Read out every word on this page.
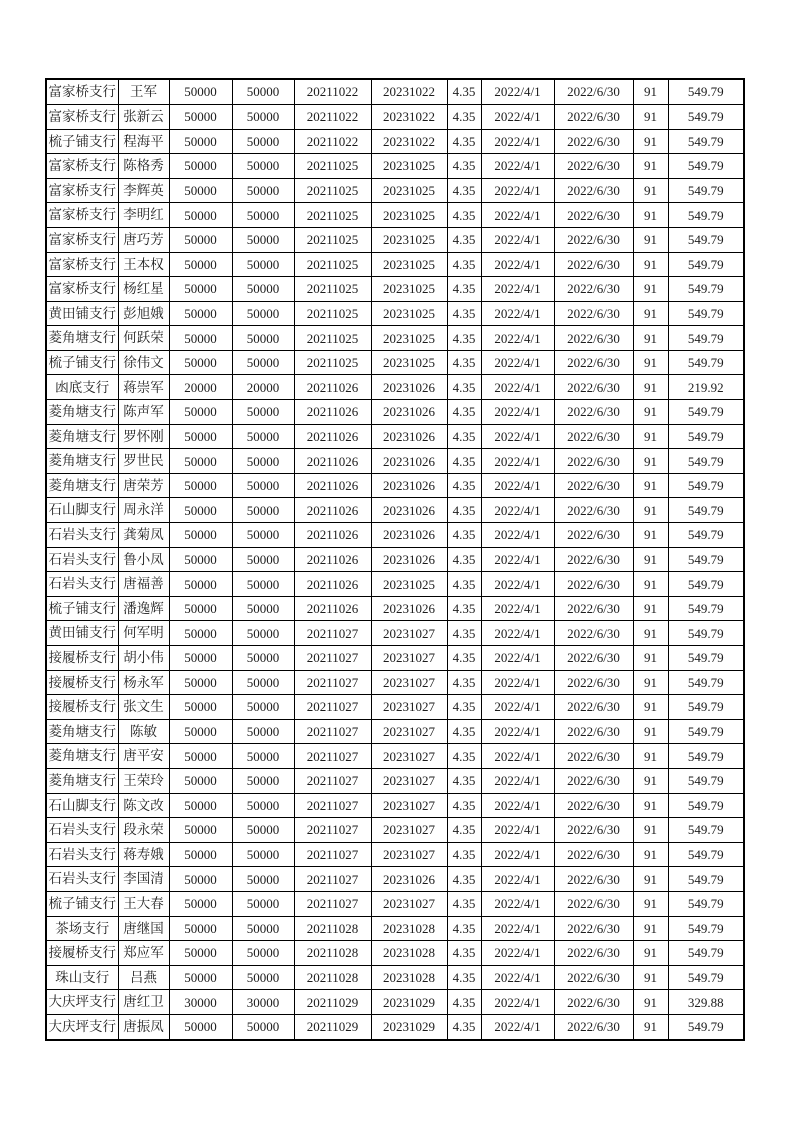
富家桥支行	王军	50000	50000	20211022	20231022	4.35	2022/4/1	2022/6/30	91	549.79
富家桥支行	张新云	50000	50000	20211022	20231022	4.35	2022/4/1	2022/6/30	91	549.79
梳子铺支行	程海平	50000	50000	20211022	20231022	4.35	2022/4/1	2022/6/30	91	549.79
富家桥支行	陈格秀	50000	50000	20211025	20231025	4.35	2022/4/1	2022/6/30	91	549.79
富家桥支行	李辉英	50000	50000	20211025	20231025	4.35	2022/4/1	2022/6/30	91	549.79
富家桥支行	李明红	50000	50000	20211025	20231025	4.35	2022/4/1	2022/6/30	91	549.79
富家桥支行	唐巧芳	50000	50000	20211025	20231025	4.35	2022/4/1	2022/6/30	91	549.79
富家桥支行	王本权	50000	50000	20211025	20231025	4.35	2022/4/1	2022/6/30	91	549.79
富家桥支行	杨红星	50000	50000	20211025	20231025	4.35	2022/4/1	2022/6/30	91	549.79
黄田铺支行	彭旭娥	50000	50000	20211025	20231025	4.35	2022/4/1	2022/6/30	91	549.79
菱角塘支行	何跃荣	50000	50000	20211025	20231025	4.35	2022/4/1	2022/6/30	91	549.79
梳子铺支行	徐伟文	50000	50000	20211025	20231025	4.35	2022/4/1	2022/6/30	91	549.79
凼底支行	蒋崇军	20000	20000	20211026	20231026	4.35	2022/4/1	2022/6/30	91	219.92
菱角塘支行	陈声军	50000	50000	20211026	20231026	4.35	2022/4/1	2022/6/30	91	549.79
菱角塘支行	罗怀刚	50000	50000	20211026	20231026	4.35	2022/4/1	2022/6/30	91	549.79
菱角塘支行	罗世民	50000	50000	20211026	20231026	4.35	2022/4/1	2022/6/30	91	549.79
菱角塘支行	唐荣芳	50000	50000	20211026	20231026	4.35	2022/4/1	2022/6/30	91	549.79
石山脚支行	周永洋	50000	50000	20211026	20231026	4.35	2022/4/1	2022/6/30	91	549.79
石岩头支行	龚菊凤	50000	50000	20211026	20231026	4.35	2022/4/1	2022/6/30	91	549.79
石岩头支行	鲁小凤	50000	50000	20211026	20231026	4.35	2022/4/1	2022/6/30	91	549.79
石岩头支行	唐福善	50000	50000	20211026	20231025	4.35	2022/4/1	2022/6/30	91	549.79
梳子铺支行	潘逸辉	50000	50000	20211026	20231026	4.35	2022/4/1	2022/6/30	91	549.79
黄田铺支行	何军明	50000	50000	20211027	20231027	4.35	2022/4/1	2022/6/30	91	549.79
接履桥支行	胡小伟	50000	50000	20211027	20231027	4.35	2022/4/1	2022/6/30	91	549.79
接履桥支行	杨永军	50000	50000	20211027	20231027	4.35	2022/4/1	2022/6/30	91	549.79
接履桥支行	张文生	50000	50000	20211027	20231027	4.35	2022/4/1	2022/6/30	91	549.79
菱角塘支行	陈敏	50000	50000	20211027	20231027	4.35	2022/4/1	2022/6/30	91	549.79
菱角塘支行	唐平安	50000	50000	20211027	20231027	4.35	2022/4/1	2022/6/30	91	549.79
菱角塘支行	王荣玲	50000	50000	20211027	20231027	4.35	2022/4/1	2022/6/30	91	549.79
石山脚支行	陈文改	50000	50000	20211027	20231027	4.35	2022/4/1	2022/6/30	91	549.79
石岩头支行	段永荣	50000	50000	20211027	20231027	4.35	2022/4/1	2022/6/30	91	549.79
石岩头支行	蒋寿娥	50000	50000	20211027	20231027	4.35	2022/4/1	2022/6/30	91	549.79
石岩头支行	李国清	50000	50000	20211027	20231026	4.35	2022/4/1	2022/6/30	91	549.79
梳子铺支行	王大春	50000	50000	20211027	20231027	4.35	2022/4/1	2022/6/30	91	549.79
茶场支行	唐继国	50000	50000	20211028	20231028	4.35	2022/4/1	2022/6/30	91	549.79
接履桥支行	郑应军	50000	50000	20211028	20231028	4.35	2022/4/1	2022/6/30	91	549.79
珠山支行	吕燕	50000	50000	20211028	20231028	4.35	2022/4/1	2022/6/30	91	549.79
大庆坪支行	唐红卫	30000	30000	20211029	20231029	4.35	2022/4/1	2022/6/30	91	329.88
大庆坪支行	唐振凤	50000	50000	20211029	20231029	4.35	2022/4/1	2022/6/30	91	549.79
